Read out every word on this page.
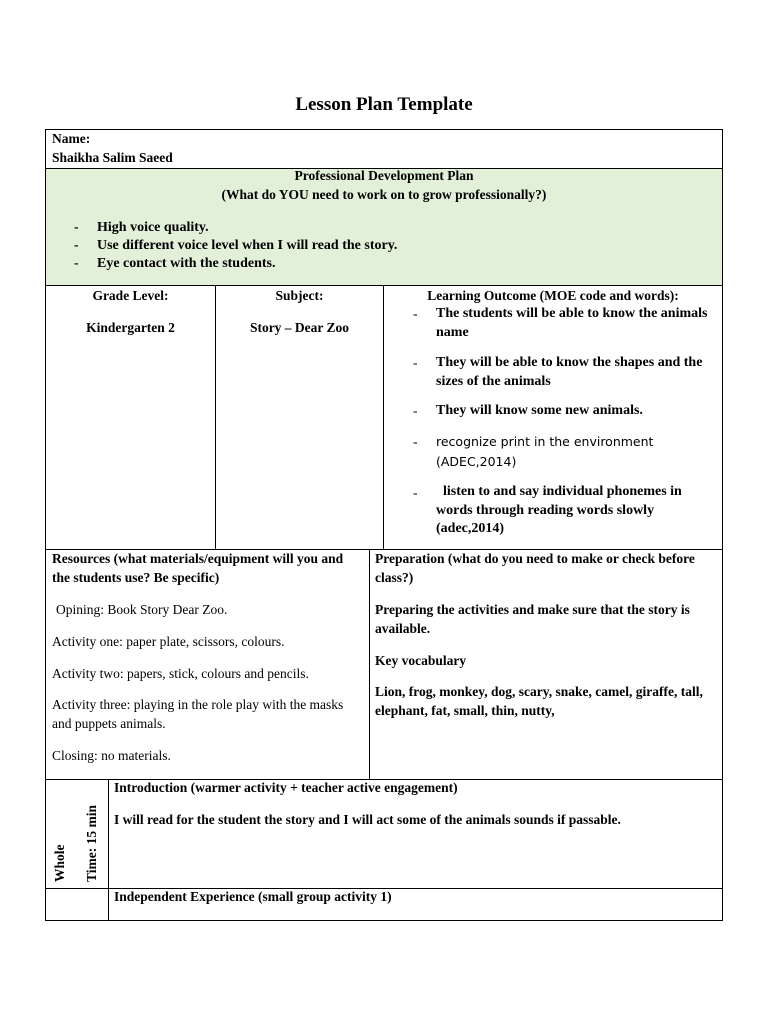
Lesson Plan Template
Name:
Shaikha Salim Saeed
Professional Development Plan
(What do YOU need to work on to grow professionally?)
- High voice quality.
- Use different voice level when I will read the story.
- Eye contact with the students.
Grade Level:
Kindergarten 2
Subject:
Story – Dear Zoo
Learning Outcome (MOE code and words):
- The students will be able to know the animals name
- They will be able to know the shapes and the sizes of the animals
- They will know some new animals.
- recognize print in the environment (ADEC,2014)
-	listen to and say individual phonemes in words through reading words slowly (adec,2014)
Resources (what materials/equipment will you and the students use? Be specific)
Opining: Book Story Dear Zoo.
Activity one: paper plate, scissors, colours.
Activity two: papers, stick, colours and pencils.
Activity three: playing in the role play with the masks and puppets animals.
Closing: no materials.
Preparation (what do you need to make or check before class?)
Preparing the activities and make sure that the story is available.
Key vocabulary
Lion, frog, monkey, dog, scary, snake, camel, giraffe, tall, elephant, fat, small, thin, nutty,
Whole Time: 15 min
Introduction (warmer activity + teacher active engagement)
I will read for the student the story and I will act some of the animals sounds if passable.
Independent Experience (small group activity 1)
